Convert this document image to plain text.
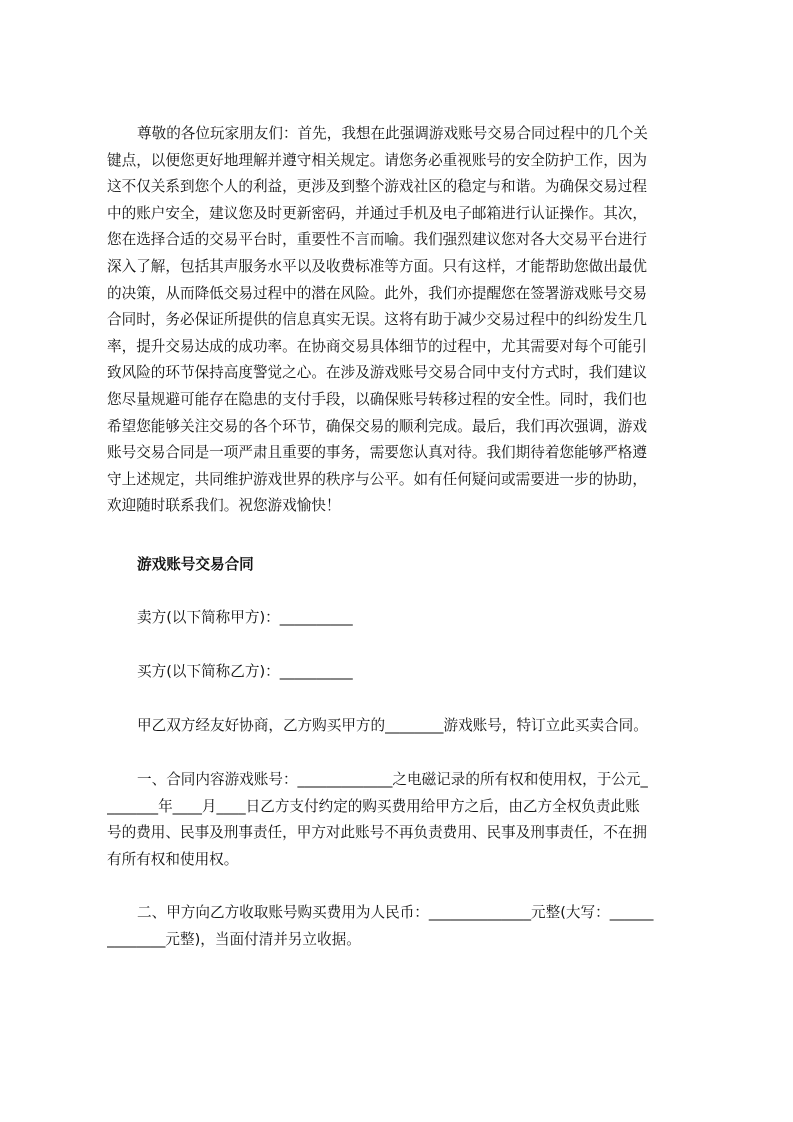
尊敬的各位玩家朋友们：首先，我想在此强调游戏账号交易合同过程中的几个关
键点，以便您更好地理解并遵守相关规定。请您务必重视账号的安全防护工作，因为
这不仅关系到您个人的利益，更涉及到整个游戏社区的稳定与和谐。为确保交易过程
中的账户安全，建议您及时更新密码，并通过手机及电子邮箱进行认证操作。其次，
您在选择合适的交易平台时，重要性不言而喻。我们强烈建议您对各大交易平台进行
深入了解，包括其声服务水平以及收费标准等方面。只有这样，才能帮助您做出最优
的决策，从而降低交易过程中的潜在风险。此外，我们亦提醒您在签署游戏账号交易
合同时，务必保证所提供的信息真实无误。这将有助于减少交易过程中的纠纷发生几
率，提升交易达成的成功率。在协商交易具体细节的过程中，尤其需要对每个可能引
致风险的环节保持高度警觉之心。在涉及游戏账号交易合同中支付方式时，我们建议
您尽量规避可能存在隐患的支付手段，以确保账号转移过程的安全性。同时，我们也
希望您能够关注交易的各个环节，确保交易的顺利完成。最后，我们再次强调，游戏
账号交易合同是一项严肃且重要的事务，需要您认真对待。我们期待着您能够严格遵
守上述规定，共同维护游戏世界的秩序与公平。如有任何疑问或需要进一步的协助，
欢迎随时联系我们。祝您游戏愉快！
游戏账号交易合同
卖方(以下简称甲方)：__________
买方(以下简称乙方)：__________
甲乙双方经友好协商，乙方购买甲方的________游戏账号，特订立此买卖合同。
一、合同内容游戏账号：_____________之电磁记录的所有权和使用权，于公元_
_______年____月____日乙方支付约定的购买费用给甲方之后，由乙方全权负责此账
号的费用、民事及刑事责任，甲方对此账号不再负责费用、民事及刑事责任，不在拥
有所有权和使用权。
二、甲方向乙方收取账号购买费用为人民币：______________元整(大写：______
________元整)，当面付清并另立收据。
